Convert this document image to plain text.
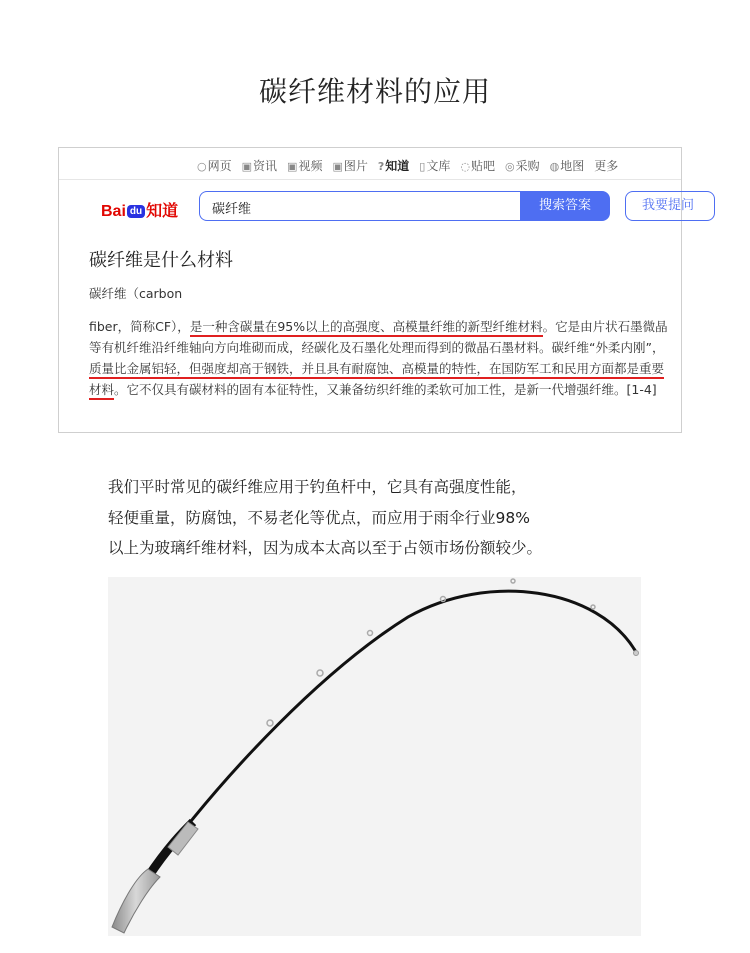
碳纤维材料的应用
○网页 ▣资讯 ▣视频 ▣图片 ?知道 ▯文库 ◌贴吧 ◎采购 ◍地图 更多
Bai du 知道	碳纤维	搜索答案	我要提问
碳纤维是什么材料
碳纤维（carbon
fiber，简称CF），是一种含碳量在95%以上的高强度、高模量纤维的新型纤维材料。它是由片状石墨微晶等有机纤维沿纤维轴向方向堆砌而成，经碳化及石墨化处理而得到的微晶石墨材料。碳纤维“外柔内刚”，质量比金属铝轻，但强度却高于钢铁，并且具有耐腐蚀、高模量的特性，在国防军工和民用方面都是重要材料。它不仅具有碳材料的固有本征特性，又兼备纺织纤维的柔软可加工性，是新一代增强纤维。[1-4]
我们平时常见的碳纤维应用于钓鱼杆中，它具有高强度性能，
轻便重量，防腐蚀，不易老化等优点，而应用于雨伞行业98%
以上为玻璃纤维材料，因为成本太高以至于占领市场份额较少。
